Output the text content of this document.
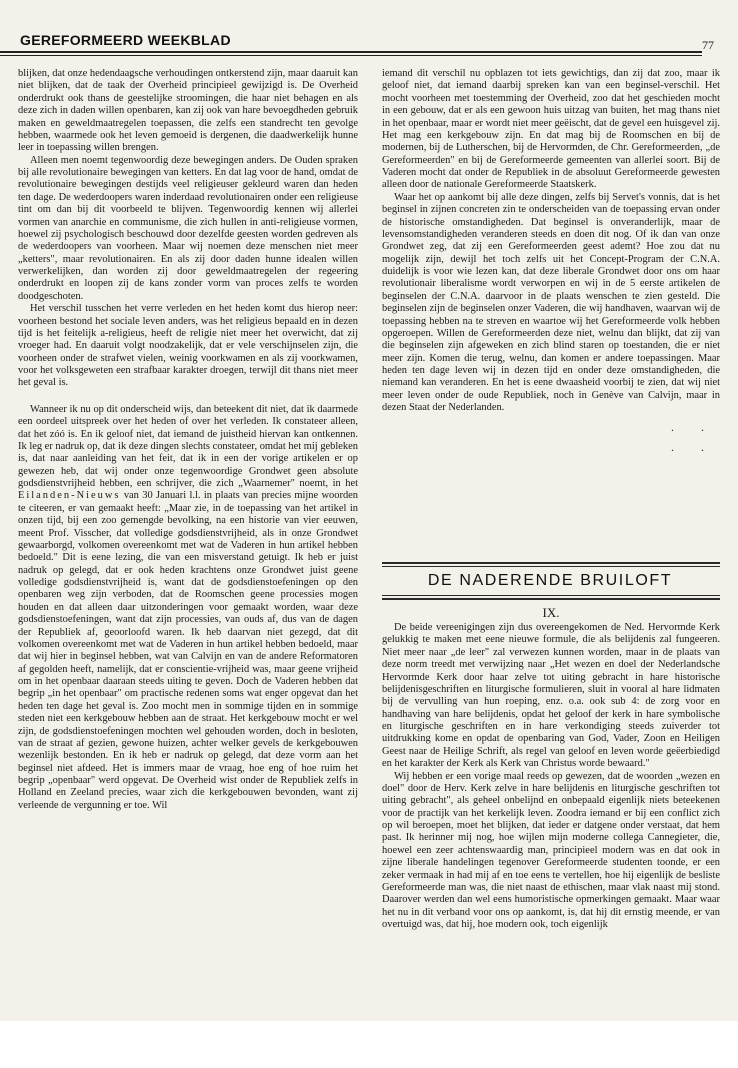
GEREFORMEERD WEEKBLAD	77

blijken, dat onze hedendaagsche verhoudingen ontkerstend zijn, maar daaruit kan niet blijken, dat de taak der Overheid principieel gewijzigd is. De Overheid onderdrukt ook thans de geestelijke stroomingen, die haar niet behagen en als deze zich in daden willen openbaren, kan zij ook van hare bevoegdheden gebruik maken en geweldmaatregelen toepassen, die zelfs een standrecht ten gevolge hebben, waarmede ook het leven gemoeid is dergenen, die daadwerkelijk hunne leer in toepassing willen brengen.

Alleen men noemt tegenwoordig deze bewegingen anders. De Ouden spraken bij alle revolutionaire bewegingen van ketters. En dat lag voor de hand, omdat de revolutionaire bewegingen destijds veel religieuser gekleurd waren dan heden ten dage. De wederdoopers waren inderdaad revolutionairen onder een religieuse tint om dan bij dit voorbeeld te blijven. Tegenwoordig kennen wij allerlei vormen van anarchie en communisme, die zich hullen in anti-religieuse vormen, hoewel zij psychologisch beschouwd door dezelfde geesten worden gedreven als de wederdoopers van voorheen. Maar wij noemen deze menschen niet meer „ketters", maar revolutionairen. En als zij door daden hunne idealen willen verwerkelijken, dan worden zij door geweldmaatregelen der regeering onderdrukt en loopen zij de kans zonder vorm van proces zelfs te worden doodgeschoten.

Het verschil tusschen het verre verleden en het heden komt dus hierop neer: voorheen bestond het sociale leven anders, was het religieus bepaald en in dezen tijd is het feitelijk a-religieus, heeft de religie niet meer het overwicht, dat zij vroeger had. En daaruit volgt noodzakelijk, dat er vele verschijnselen zijn, die voorheen onder de strafwet vielen, weinig voorkwamen en als zij voorkwamen, voor het volksgeweten een strafbaar karakter droegen, terwijl dit thans niet meer het geval is.

Wanneer ik nu op dit onderscheid wijs, dan beteekent dit niet, dat ik daarmede een oordeel uitspreek over het heden of over het verleden. Ik constateer alleen, dat het zóó is. En ik geloof niet, dat iemand de juistheid hiervan kan ontkennen. Ik leg er nadruk op, dat ik deze dingen slechts constateer, omdat het mij gebleken is, dat naar aanleiding van het feit, dat ik in een der vorige artikelen er op gewezen heb, dat wij onder onze tegenwoordige Grondwet geen absolute godsdienstvrijheid hebben, een schrijver, die zich „Waarnemer" noemt, in het Eilanden-Nieuws van 30 Januari l.l. in plaats van precies mijne woorden te citeeren, er van gemaakt heeft: „Maar zie, in de toepassing van het artikel in onzen tijd, bij een zoo gemengde bevolking, na een historie van vier eeuwen, meent Prof. Visscher, dat volledige godsdienstvrijheid, als in onze Grondwet gewaarborgd, volkomen overeenkomt met wat de Vaderen in hun artikel hebben bedoeld." Dit is eene lezing, die van een misverstand getuigt. Ik heb er juist nadruk op gelegd, dat er ook heden krachtens onze Grondwet juist geene volledige godsdienstvrijheid is, want dat de godsdienstoefeningen op den openbaren weg zijn verboden, dat de Roomschen geene processies mogen houden en dat alleen daar uitzonderingen voor gemaakt worden, waar deze godsdienstoefeningen, want dat zijn processies, van ouds af, dus van de dagen der Republiek af, geoorloofd waren. Ik heb daarvan niet gezegd, dat dit volkomen overeenkomt met wat de Vaderen in hun artikel hebben bedoeld, maar dat wij hier in beginsel hebben, wat van Calvijn en van de andere Reformatoren af gegolden heeft, namelijk, dat er conscientie-vrijheid was, maar geene vrijheid om in het openbaar daaraan steeds uiting te geven. Doch de Vaderen hebben dat begrip „in het openbaar" om practische redenen soms wat enger opgevat dan het heden ten dage het geval is. Zoo mocht men in sommige tijden en in sommige steden niet een kerkgebouw hebben aan de straat. Het kerkgebouw mocht er wel zijn, de godsdienstoefeningen mochten wel gehouden worden, doch in besloten, van de straat af gezien, gewone huizen, achter welker gevels de kerkgebouwen wezenlijk bestonden. En ik heb er nadruk op gelegd, dat deze vorm aan het beginsel niet afdeed. Het is immers maar de vraag, hoe eng of hoe ruim het begrip „openbaar" werd opgevat. De Overheid wist onder de Republiek zelfs in Holland en Zeeland precies, waar zich die kerkgebouwen bevonden, want zij verleende de vergunning er toe. Wil

iemand dit verschil nu opblazen tot iets gewichtigs, dan zij dat zoo, maar ik geloof niet, dat iemand daarbij spreken kan van een beginsel-verschil. Het mocht voorheen met toestemming der Overheid, zoo dat het geschieden mocht in een gebouw, dat er als een gewoon huis uitzag van buiten, het mag thans niet in het openbaar, maar er wordt niet meer geëischt, dat de gevel een huisgevel zij. Het mag een kerkgebouw zijn. En dat mag bij de Roomschen en bij de modernen, bij de Lutherschen, bij de Hervormden, de Chr. Gereformeerden, „de Gereformeerden" en bij de Gereformeerde gemeenten van allerlei soort. Bij de Vaderen mocht dat onder de Republiek in de absoluut Gereformeerde gewesten alleen door de nationale Gereformeerde Staatskerk.

Waar het op aankomt bij alle deze dingen, zelfs bij Servet's vonnis, dat is het beginsel in zijnen concreten zin te onderscheiden van de toepassing ervan onder de historische omstandigheden. Dat beginsel is onveranderlijk, maar de levensomstandigheden veranderen steeds en doen dit nog. Of ik dan van onze Grondwet zeg, dat zij een Gereformeerden geest ademt? Hoe zou dat nu mogelijk zijn, dewijl het toch zelfs uit het Concept-Program der C.N.A. duidelijk is voor wie lezen kan, dat deze liberale Grondwet door ons om haar revolutionair liberalisme wordt verworpen en wij in de 5 eerste artikelen de beginselen der C.N.A. daarvoor in de plaats wenschen te zien gesteld. Die beginselen zijn de beginselen onzer Vaderen, die wij handhaven, waarvan wij de toepassing hebben na te streven en waartoe wij het Gereformeerde volk hebben opgeroepen. Willen de Gereformeerden deze niet, welnu dan blijkt, dat zij van die beginselen zijn afgeweken en zich blind staren op toestanden, die er niet meer zijn. Komen die terug, welnu, dan komen er andere toepassingen. Maar heden ten dage leven wij in dezen tijd en onder deze omstandigheden, die niemand kan veranderen. En het is eene dwaasheid voorbij te zien, dat wij niet meer leven onder de oude Republiek, noch in Genève van Calvijn, maar in dezen Staat der Nederlanden.

. .
. .
DE NADERENDE BRUILOFT
IX.

De beide vereenigingen zijn dus overeengekomen de Ned. Hervormde Kerk gelukkig te maken met eene nieuwe formule, die als belijdenis zal fungeeren. Niet meer naar „de leer" zal verwezen kunnen worden, maar in de plaats van deze norm treedt met verwijzing naar „Het wezen en doel der Nederlandsche Hervormde Kerk door haar zelve tot uiting gebracht in hare historische belijdenisgeschriften en liturgische formulieren, sluit in vooral al hare lidmaten bij de vervulling van hun roeping, enz. o.a. ook sub 4: de zorg voor en handhaving van hare belijdenis, opdat het geloof der kerk in hare symbolische en liturgische geschriften en in hare verkondiging steeds zuiverder tot uitdrukking kome en opdat de openbaring van God, Vader, Zoon en Heiligen Geest naar de Heilige Schrift, als regel van geloof en leven worde geëerbiedigd en het karakter der Kerk als Kerk van Christus worde bewaard."

Wij hebben er een vorige maal reeds op gewezen, dat de woorden „wezen en doel" door de Herv. Kerk zelve in hare belijdenis en liturgische geschriften tot uiting gebracht", als geheel onbelijnd en onbepaald eigenlijk niets beteekenen voor de practijk van het kerkelijk leven. Zoodra iemand er bij een conflict zich op wil beroepen, moet het blijken, dat ieder er datgene onder verstaat, dat hem past. Ik herinner mij nog, hoe wijlen mijn moderne collega Cannegieter, die, hoewel een zeer achtenswaardig man, principieel modern was en dat ook in zijne liberale handelingen tegenover Gereformeerde studenten toonde, er een zeker vermaak in had mij af en toe eens te vertellen, hoe hij eigenlijk de besliste Gereformeerde man was, die niet naast de ethischen, maar vlak naast mij stond. Daarover werden dan wel eens humoristische opmerkingen gemaakt. Maar waar het nu in dit verband voor ons op aankomt, is, dat hij dit ernstig meende, er van overtuigd was, dat hij, hoe modern ook, toch eigenlijk
